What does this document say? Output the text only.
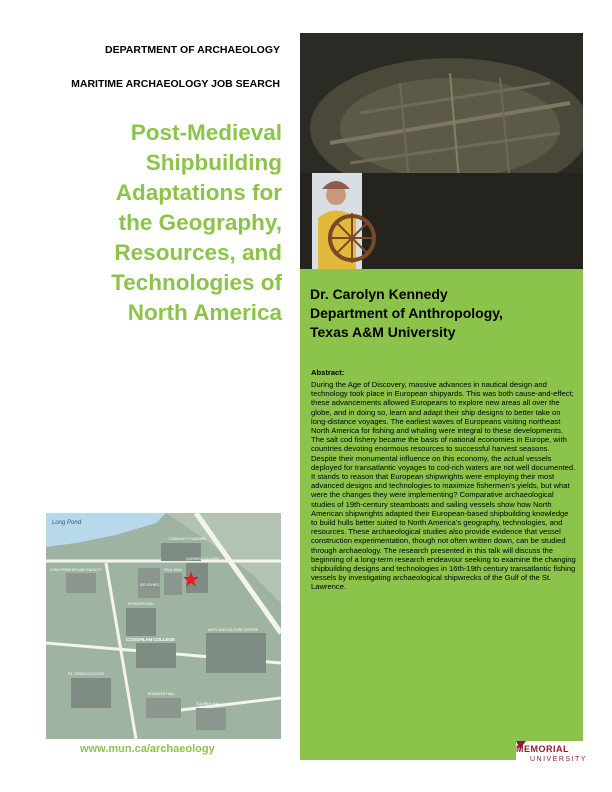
DEPARTMENT OF ARCHAEOLOGY
MARITIME ARCHAEOLOGY JOB SEARCH
Post-Medieval
Shipbuilding
Adaptations for
the Geography,
Resources, and
Technologies of
North America
Long Pond
COMMUNITY GARDEN
QUEEN'S COLLEGE
LONG POND SPLASH FACILITY
SPENCER HALL
PAUL HALL
SIR JOHN'S
COUGHLAN COLLEGE
ARTS AND CULTURE CENTRE
ST. JOHN'S COLLEGE
BOWATER HALL
SQUIRES HALL
www.mun.ca/archaeology
Dr. Carolyn Kennedy
Department of Anthropology,
Texas A&M University
Abstract:
During the Age of Discovery, massive advances in nautical design and technology took place in European shipyards. This was both cause-and-effect; these advancements allowed Europeans to explore new areas all over the globe, and in doing so, learn and adapt their ship designs to better take on long-distance voyages. The earliest waves of Europeans visiting northeast North America for fishing and whaling were integral to these developments. The salt cod fishery became the basis of national economies in Europe, with countries devoting enormous resources to successful harvest seasons. Despite their monumental influence on this economy, the actual vessels deployed for transatlantic voyages to cod-rich waters are not well documented. It stands to reason that European shipwrights were employing their most advanced designs and technologies to maximize fishermen’s yields, but what were the changes they were implementing? Comparative archaeological studies of 19th-century steamboats and sailing vessels show how North American shipwrights adapted their European-based shipbuilding knowledge to build hulls better suited to North America’s geography, technologies, and resources. These archaeological studies also provide evidence that vessel construction experimentation, though not often written down, can be studied through archaeology. The research presented in this talk will discuss the beginning of a long-term research endeavour seeking to examine the changing shipbuilding designs and technologies in 16th-19th century transatlantic fishing vessels by investigating archaeological shipwrecks of the Gulf of the St. Lawrence.
MEMORIAL
UNIVERSITY
